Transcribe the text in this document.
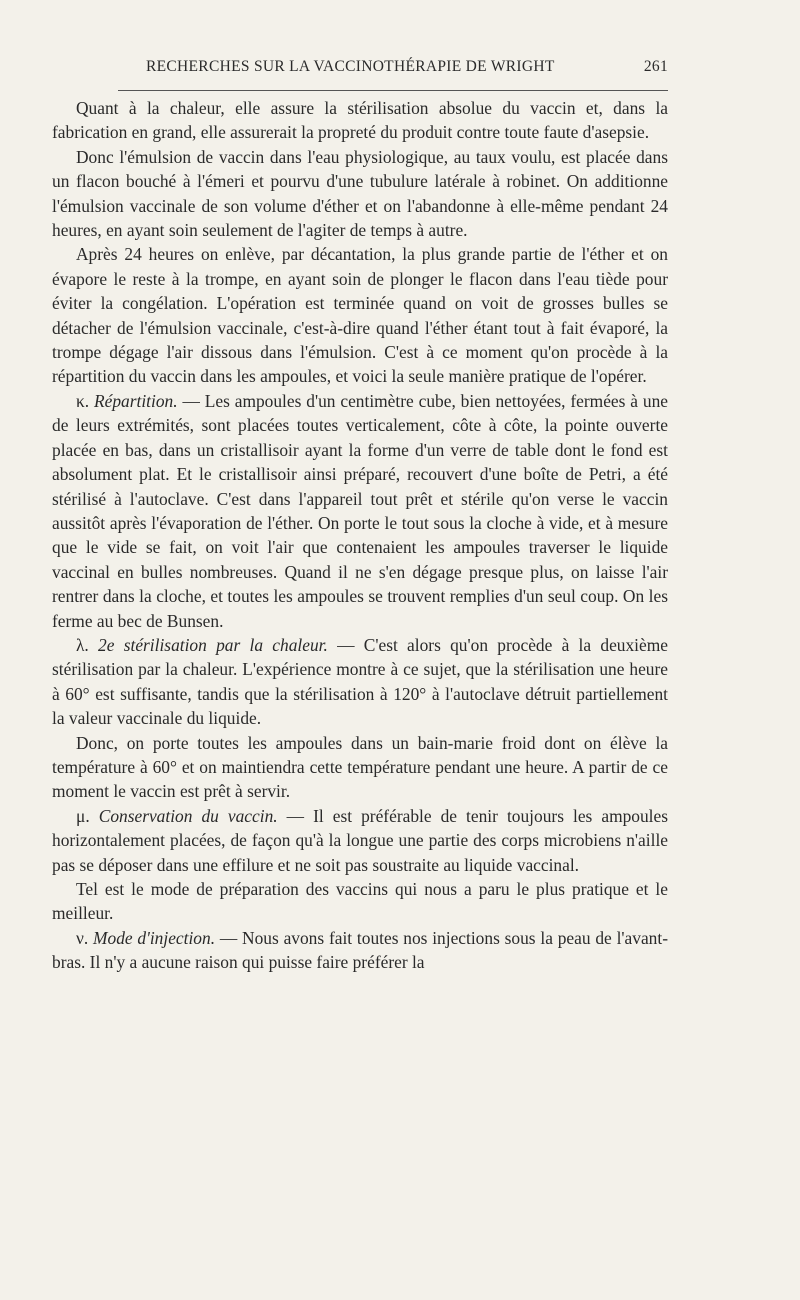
RECHERCHES SUR LA VACCINOTHÉRAPIE DE WRIGHT	261

Quant à la chaleur, elle assure la stérilisation absolue du vaccin et, dans la fabrication en grand, elle assurerait la propreté du produit contre toute faute d'asepsie.

Donc l'émulsion de vaccin dans l'eau physiologique, au taux voulu, est placée dans un flacon bouché à l'émeri et pourvu d'une tubulure latérale à robinet. On additionne l'émulsion vaccinale de son volume d'éther et on l'abandonne à elle-même pendant 24 heures, en ayant soin seulement de l'agiter de temps à autre.

Après 24 heures on enlève, par décantation, la plus grande partie de l'éther et on évapore le reste à la trompe, en ayant soin de plonger le flacon dans l'eau tiède pour éviter la congélation. L'opération est terminée quand on voit de grosses bulles se détacher de l'émulsion vaccinale, c'est-à-dire quand l'éther étant tout à fait évaporé, la trompe dégage l'air dissous dans l'émulsion. C'est à ce moment qu'on procède à la répartition du vaccin dans les ampoules, et voici la seule manière pratique de l'opérer.

κ. Répartition. — Les ampoules d'un centimètre cube, bien nettoyées, fermées à une de leurs extrémités, sont placées toutes verticalement, côte à côte, la pointe ouverte placée en bas, dans un cristallisoir ayant la forme d'un verre de table dont le fond est absolument plat. Et le cristallisoir ainsi préparé, recouvert d'une boîte de Petri, a été stérilisé à l'autoclave. C'est dans l'appareil tout prêt et stérile qu'on verse le vaccin aussitôt après l'évaporation de l'éther. On porte le tout sous la cloche à vide, et à mesure que le vide se fait, on voit l'air que contenaient les ampoules traverser le liquide vaccinal en bulles nombreuses. Quand il ne s'en dégage presque plus, on laisse l'air rentrer dans la cloche, et toutes les ampoules se trouvent remplies d'un seul coup. On les ferme au bec de Bunsen.

λ. 2e stérilisation par la chaleur. — C'est alors qu'on procède à la deuxième stérilisation par la chaleur. L'expérience montre à ce sujet, que la stérilisation une heure à 60° est suffisante, tandis que la stérilisation à 120° à l'autoclave détruit partiellement la valeur vaccinale du liquide.

Donc, on porte toutes les ampoules dans un bain-marie froid dont on élève la température à 60° et on maintiendra cette température pendant une heure. A partir de ce moment le vaccin est prêt à servir.

μ. Conservation du vaccin. — Il est préférable de tenir toujours les ampoules horizontalement placées, de façon qu'à la longue une partie des corps microbiens n'aille pas se déposer dans une effilure et ne soit pas soustraite au liquide vaccinal.

Tel est le mode de préparation des vaccins qui nous a paru le plus pratique et le meilleur.

ν. Mode d'injection. — Nous avons fait toutes nos injections sous la peau de l'avant-bras. Il n'y a aucune raison qui puisse faire préférer la
